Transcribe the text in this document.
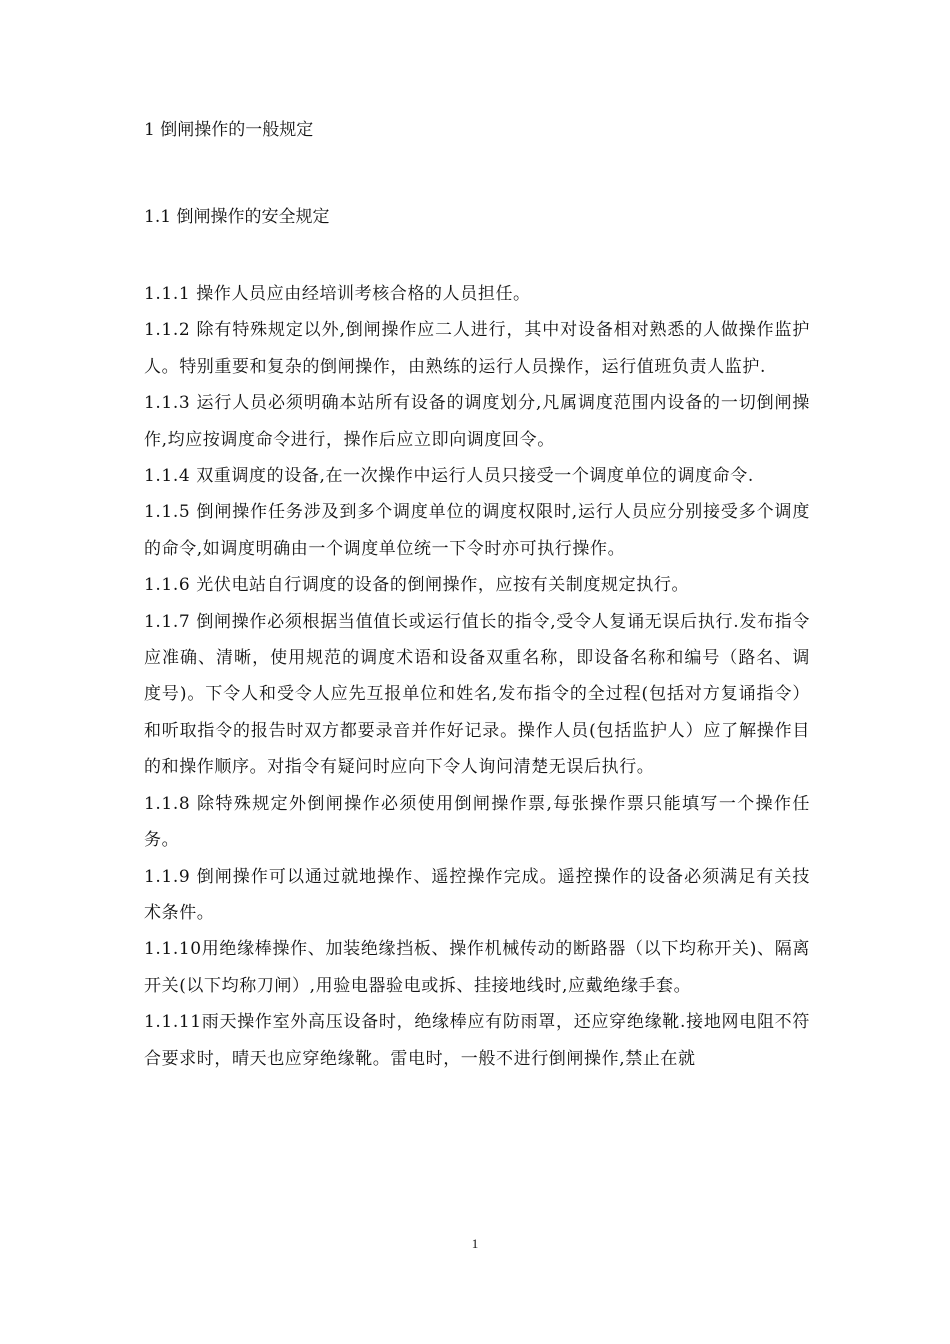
1 倒闸操作的一般规定
1.1 倒闸操作的安全规定

1.1.1 操作人员应由经培训考核合格的人员担任。

1.1.2 除有特殊规定以外,倒闸操作应二人进行，其中对设备相对熟悉的人做操作监护人。特别重要和复杂的倒闸操作，由熟练的运行人员操作，运行值班负责人监护.

1.1.3 运行人员必须明确本站所有设备的调度划分,凡属调度范围内设备的一切倒闸操作,均应按调度命令进行，操作后应立即向调度回令。

1.1.4 双重调度的设备,在一次操作中运行人员只接受一个调度单位的调度命令.

1.1.5 倒闸操作任务涉及到多个调度单位的调度权限时,运行人员应分别接受多个调度的命令,如调度明确由一个调度单位统一下令时亦可执行操作。

1.1.6 光伏电站自行调度的设备的倒闸操作，应按有关制度规定执行。

1.1.7 倒闸操作必须根据当值值长或运行值长的指令,受令人复诵无误后执行.发布指令应准确、清晰，使用规范的调度术语和设备双重名称，即设备名称和编号（路名、调度号)。下令人和受令人应先互报单位和姓名,发布指令的全过程(包括对方复诵指令）和听取指令的报告时双方都要录音并作好记录。操作人员(包括监护人）应了解操作目的和操作顺序。对指令有疑问时应向下令人询问清楚无误后执行。

1.1.8 除特殊规定外倒闸操作必须使用倒闸操作票,每张操作票只能填写一个操作任务。

1.1.9 倒闸操作可以通过就地操作、遥控操作完成。遥控操作的设备必须满足有关技术条件。

1.1.10用绝缘棒操作、加装绝缘挡板、操作机械传动的断路器（以下均称开关)、隔离开关(以下均称刀闸）,用验电器验电或拆、挂接地线时,应戴绝缘手套。

1.1.11雨天操作室外高压设备时，绝缘棒应有防雨罩，还应穿绝缘靴.接地网电阻不符合要求时，晴天也应穿绝缘靴。雷电时，一般不进行倒闸操作,禁止在就

1
